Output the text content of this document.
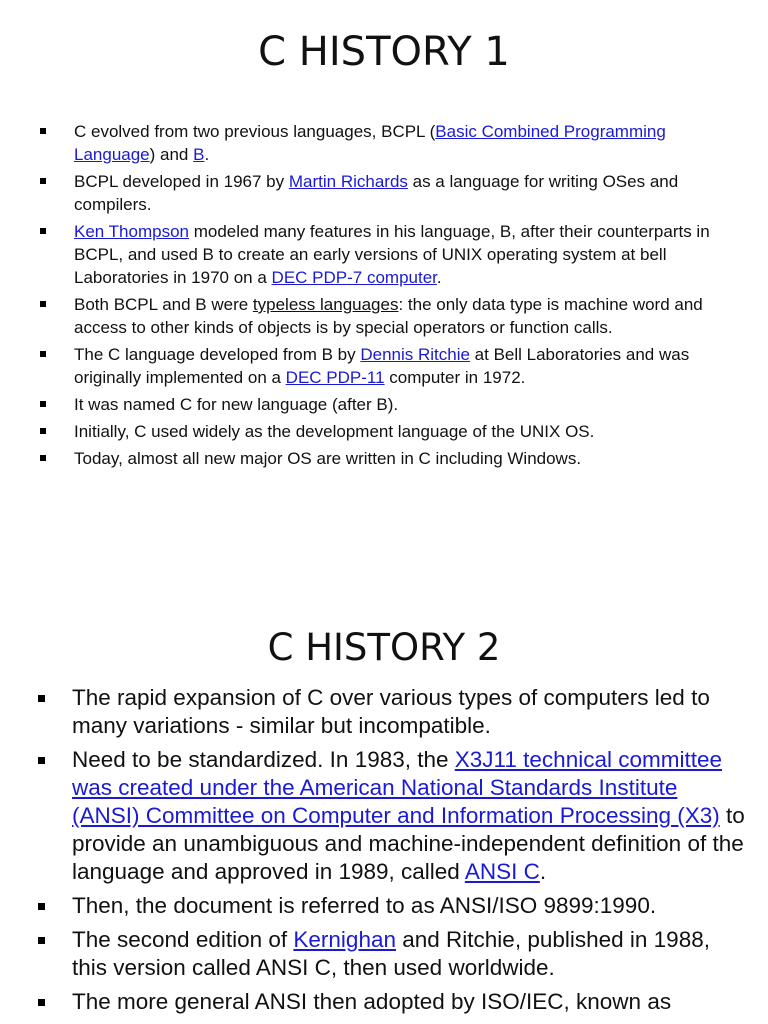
C HISTORY 1
C evolved from two previous languages, BCPL (Basic Combined Programming Language) and B.
BCPL developed in 1967 by Martin Richards as a language for writing OSes and compilers.
Ken Thompson modeled many features in his language, B, after their counterparts in BCPL, and used B to create an early versions of UNIX operating system at bell Laboratories in 1970 on a DEC PDP-7 computer.
Both BCPL and B were typeless languages: the only data type is machine word and access to other kinds of objects is by special operators or function calls.
The C language developed from B by Dennis Ritchie at Bell Laboratories and was originally implemented on a DEC PDP-11 computer in 1972.
It was named C for new language (after B).
Initially, C used widely as the development language of the UNIX OS.
Today, almost all new major OS are written in C including Windows.
C HISTORY 2
The rapid expansion of C over various types of computers led to many variations - similar but incompatible.
Need to be standardized. In 1983, the X3J11 technical committee was created under the American National Standards Institute (ANSI) Committee on Computer and Information Processing (X3) to provide an unambiguous and machine-independent definition of the language and approved in 1989, called ANSI C.
Then, the document is referred to as ANSI/ISO 9899:1990.
The second edition of Kernighan and Ritchie, published in 1988, this version called ANSI C, then used worldwide.
The more general ANSI then adopted by ISO/IEC, known as
